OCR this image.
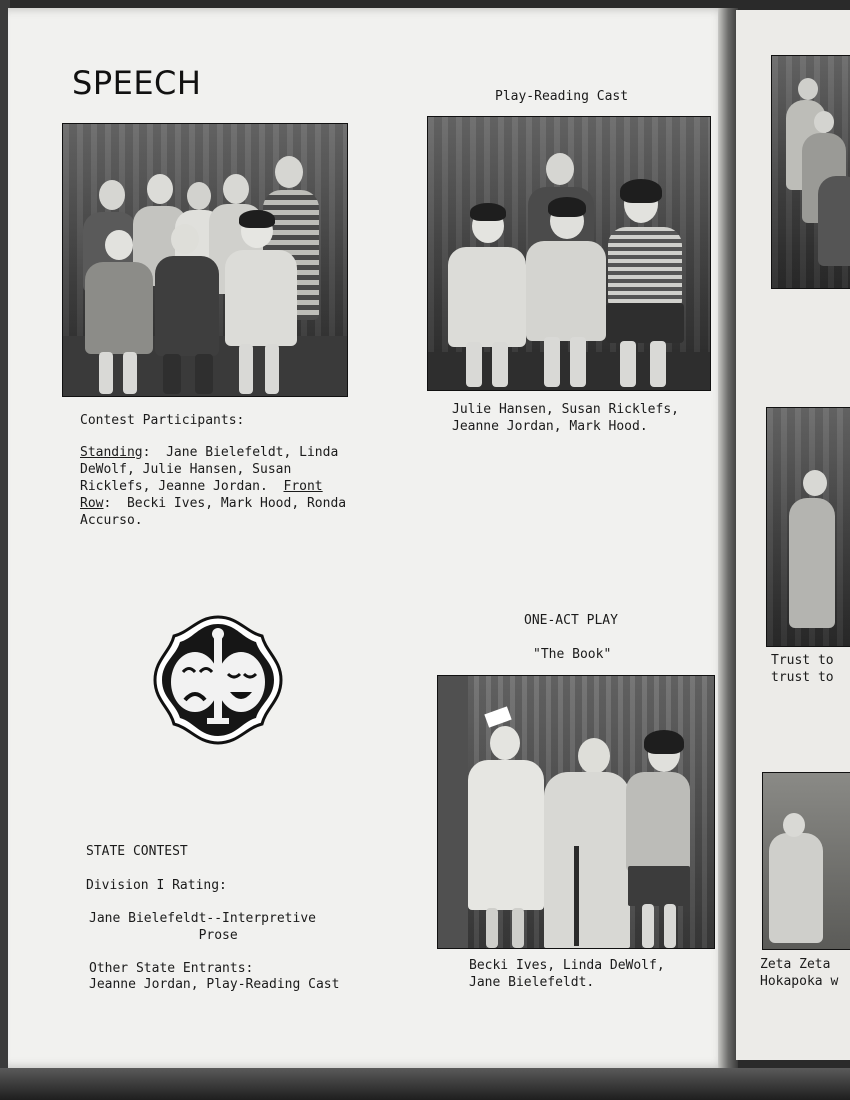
Trust to
trust to
Zeta Zeta
Hokapoka w
SPEECH	Play-Reading Cast
Julie Hansen, Susan Ricklefs,
Jeanne Jordan, Mark Hood.
Contest Participants:
Standing:  Jane Bielefeldt, Linda
DeWolf, Julie Hansen, Susan
Ricklefs, Jeanne Jordan.  Front
Row:  Becki Ives, Mark Hood, Ronda
Accurso.
ONE-ACT PLAY
"The Book"
Becki Ives, Linda DeWolf,
Jane Bielefeldt.
STATE CONTEST
Division I Rating:
Jane Bielefeldt--Interpretive
Prose
Other State Entrants:
Jeanne Jordan, Play-Reading Cast
